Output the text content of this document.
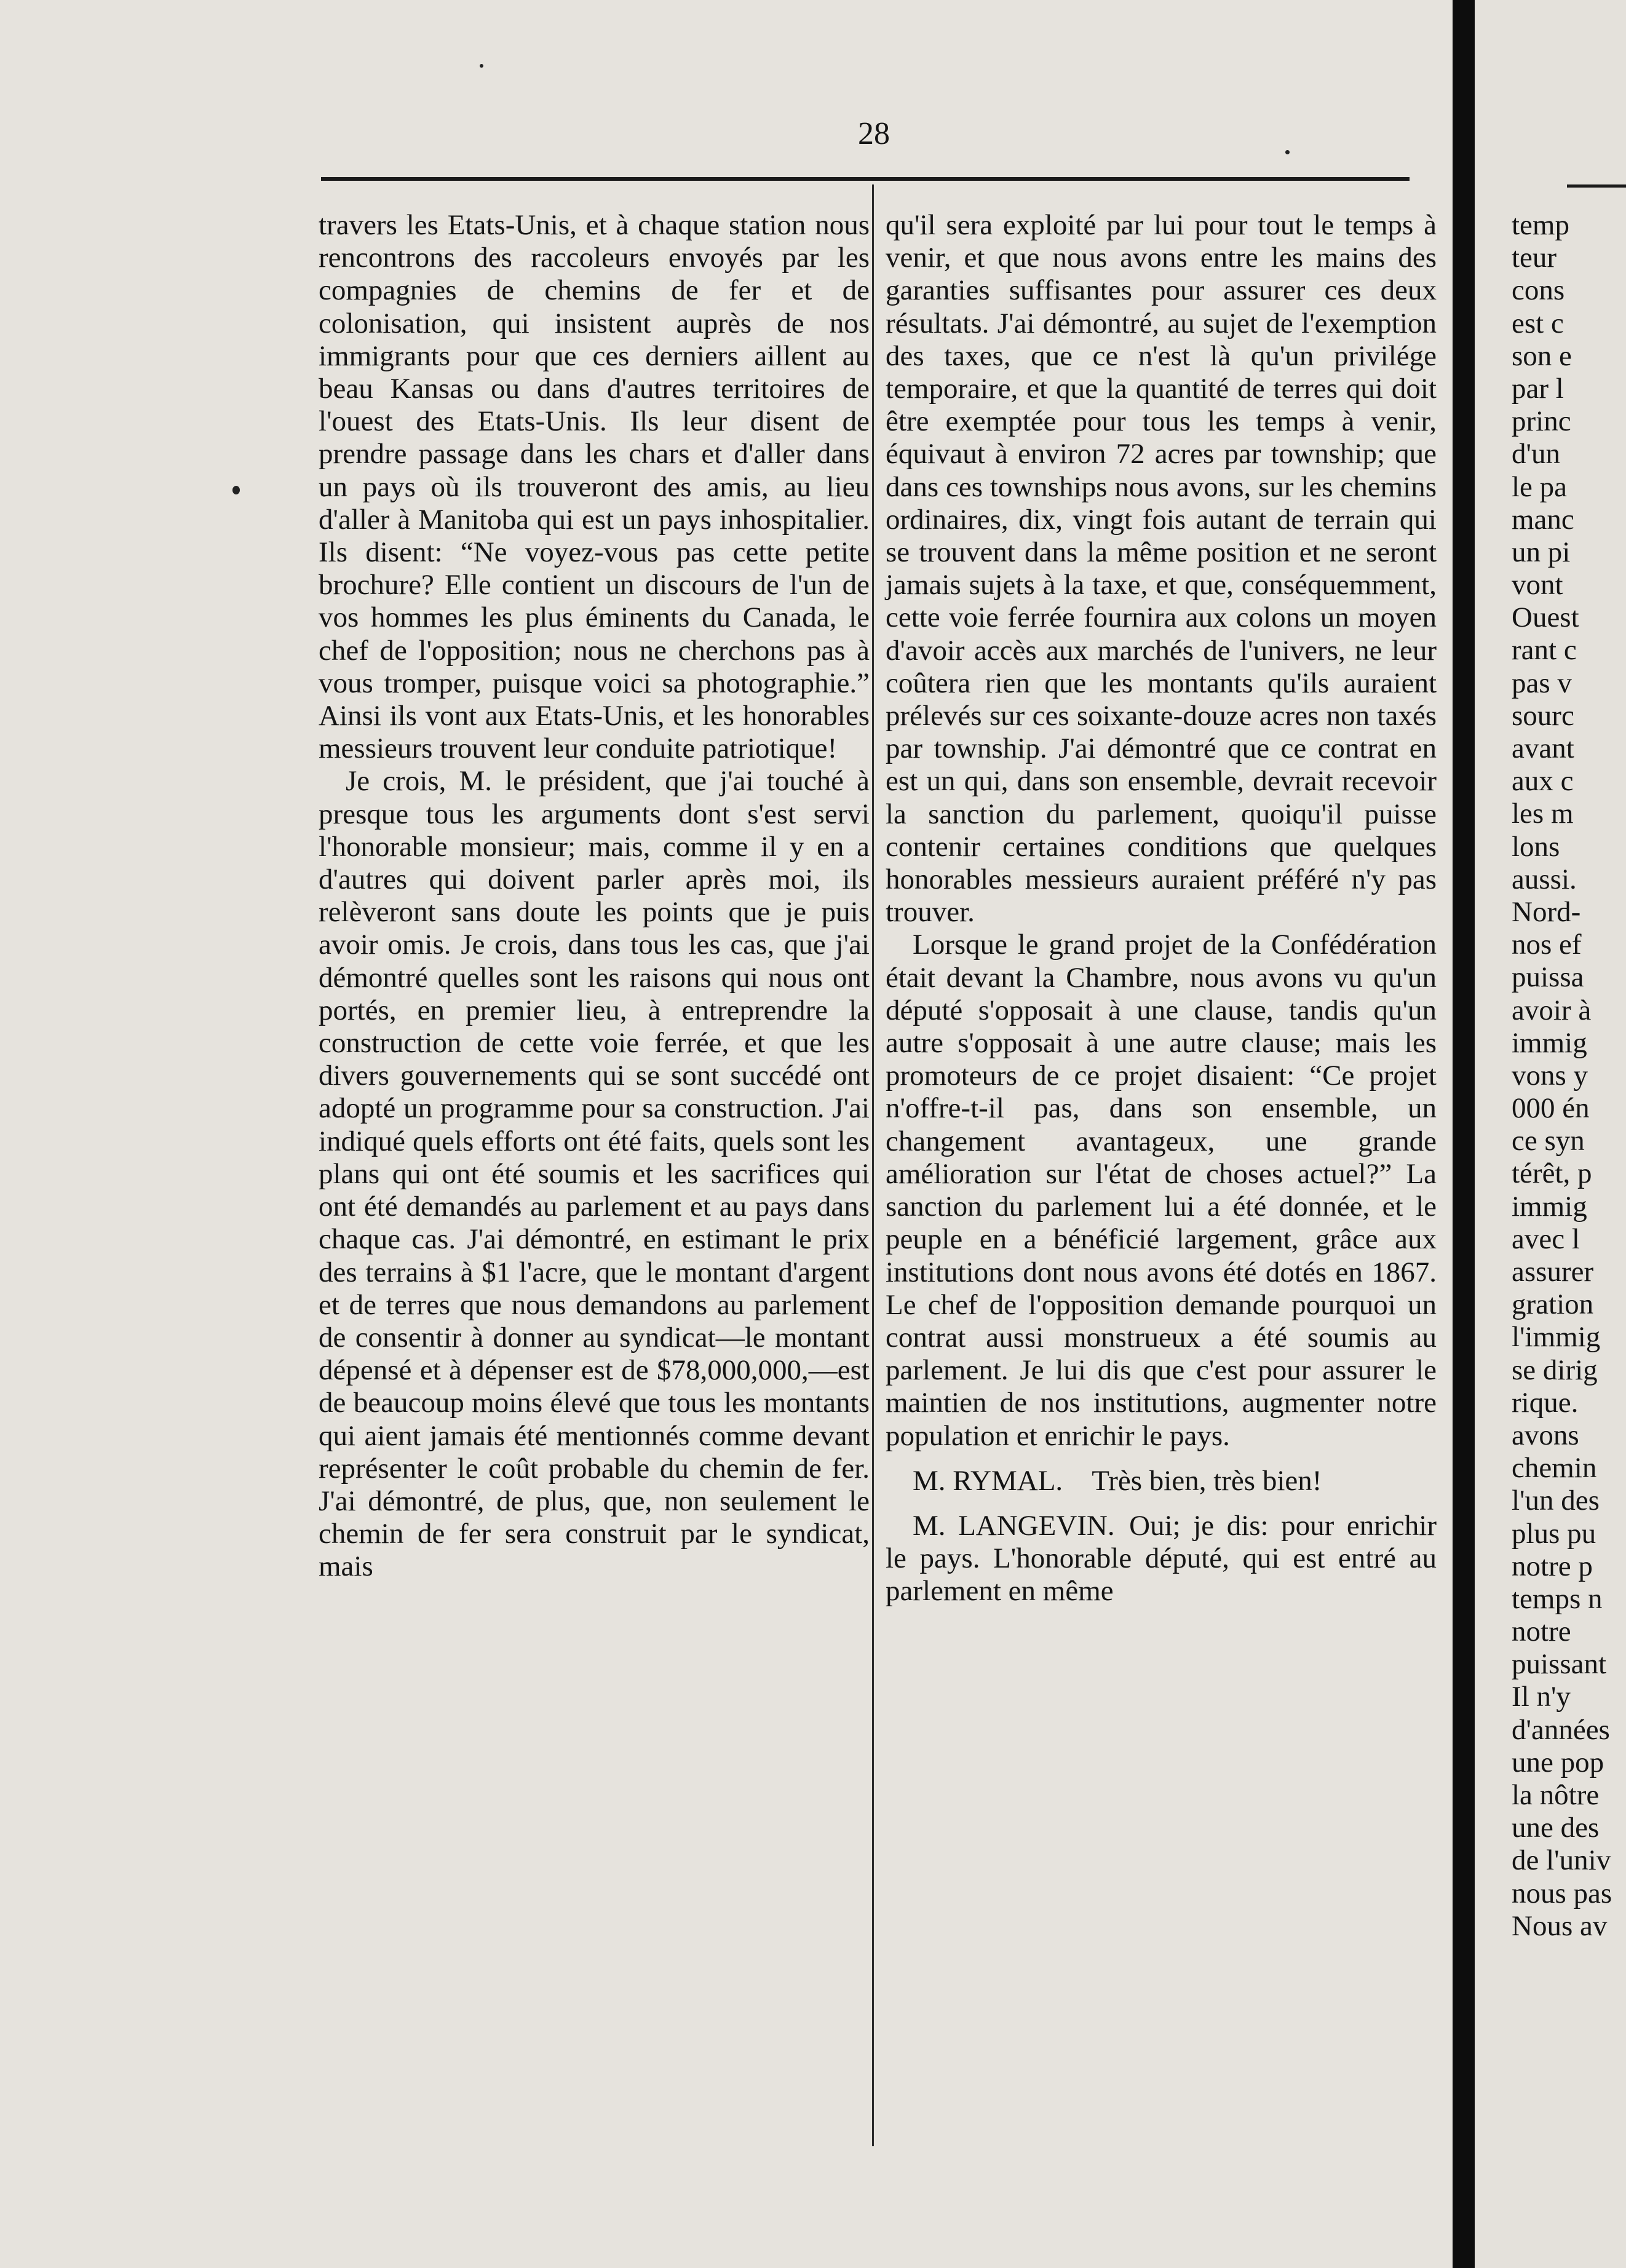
28

travers les Etats-Unis, et à chaque station nous rencontrons des raccoleurs envoyés par les compagnies de chemins de fer et de colonisation, qui insistent auprès de nos immigrants pour que ces derniers aillent au beau Kansas ou dans d'autres territoires de l'ouest des Etats-Unis. Ils leur disent de prendre passage dans les chars et d'aller dans un pays où ils trouveront des amis, au lieu d'aller à Manitoba qui est un pays inhospitalier. Ils disent: “Ne voyez-vous pas cette petite brochure? Elle contient un discours de l'un de vos hommes les plus éminents du Canada, le chef de l'opposition; nous ne cherchons pas à vous tromper, puisque voici sa photographie.” Ainsi ils vont aux Etats-Unis, et les honorables messieurs trouvent leur conduite patriotique!

Je crois, M. le président, que j'ai touché à presque tous les arguments dont s'est servi l'honorable monsieur; mais, comme il y en a d'autres qui doivent parler après moi, ils relèveront sans doute les points que je puis avoir omis. Je crois, dans tous les cas, que j'ai démontré quelles sont les raisons qui nous ont portés, en premier lieu, à entreprendre la construction de cette voie ferrée, et que les divers gouvernements qui se sont succédé ont adopté un programme pour sa construction. J'ai indiqué quels efforts ont été faits, quels sont les plans qui ont été soumis et les sacrifices qui ont été demandés au parlement et au pays dans chaque cas. J'ai démontré, en estimant le prix des terrains à $1 l'acre, que le montant d'argent et de terres que nous demandons au parlement de consentir à donner au syndicat—le montant dépensé et à dépenser est de $78,000,000,—est de beaucoup moins élevé que tous les montants qui aient jamais été mentionnés comme devant représenter le coût probable du chemin de fer. J'ai démontré, de plus, que, non seulement le chemin de fer sera construit par le syndicat, mais

qu'il sera exploité par lui pour tout le temps à venir, et que nous avons entre les mains des garanties suffisantes pour assurer ces deux résultats. J'ai démontré, au sujet de l'exemption des taxes, que ce n'est là qu'un privilége temporaire, et que la quantité de terres qui doit être exemptée pour tous les temps à venir, équivaut à environ 72 acres par township; que dans ces townships nous avons, sur les chemins ordinaires, dix, vingt fois autant de terrain qui se trouvent dans la même position et ne seront jamais sujets à la taxe, et que, conséquemment, cette voie ferrée fournira aux colons un moyen d'avoir accès aux marchés de l'univers, ne leur coûtera rien que les montants qu'ils auraient prélevés sur ces soixante-douze acres non taxés par township. J'ai démontré que ce contrat en est un qui, dans son ensemble, devrait recevoir la sanction du parlement, quoiqu'il puisse contenir certaines conditions que quelques honorables messieurs auraient préféré n'y pas trouver.

Lorsque le grand projet de la Confédération était devant la Chambre, nous avons vu qu'un député s'opposait à une clause, tandis qu'un autre s'opposait à une autre clause; mais les promoteurs de ce projet disaient: “Ce projet n'offre-t-il pas, dans son ensemble, un changement avantageux, une grande amélioration sur l'état de choses actuel?” La sanction du parlement lui a été donnée, et le peuple en a bénéficié largement, grâce aux institutions dont nous avons été dotés en 1867. Le chef de l'opposition demande pourquoi un contrat aussi monstrueux a été soumis au parlement. Je lui dis que c'est pour assurer le maintien de nos institutions, augmenter notre population et enrichir le pays.

M. RYMAL.  Très bien, très bien!

M. LANGEVIN.  Oui; je dis: pour enrichir le pays. L'honorable député, qui est entré au parlement en même

temp
teur
cons
est c
son e
par l
princ
d'un
le pa
manc
un pi
vont
Ouest
rant c
pas v
sourc
avant
aux c
les m
lons
aussi.
Nord-
nos ef
puissa
avoir à
immig
vons y
000 én
ce syn
térêt, p
immig
avec l
assurer
gration
l'immig
se dirig
rique.
avons
chemin
l'un des
plus pu
notre p
temps n
notre
puissant
Il n'y
d'années
une pop
la nôtre
une des
de l'univ
nous pas
Nous av
